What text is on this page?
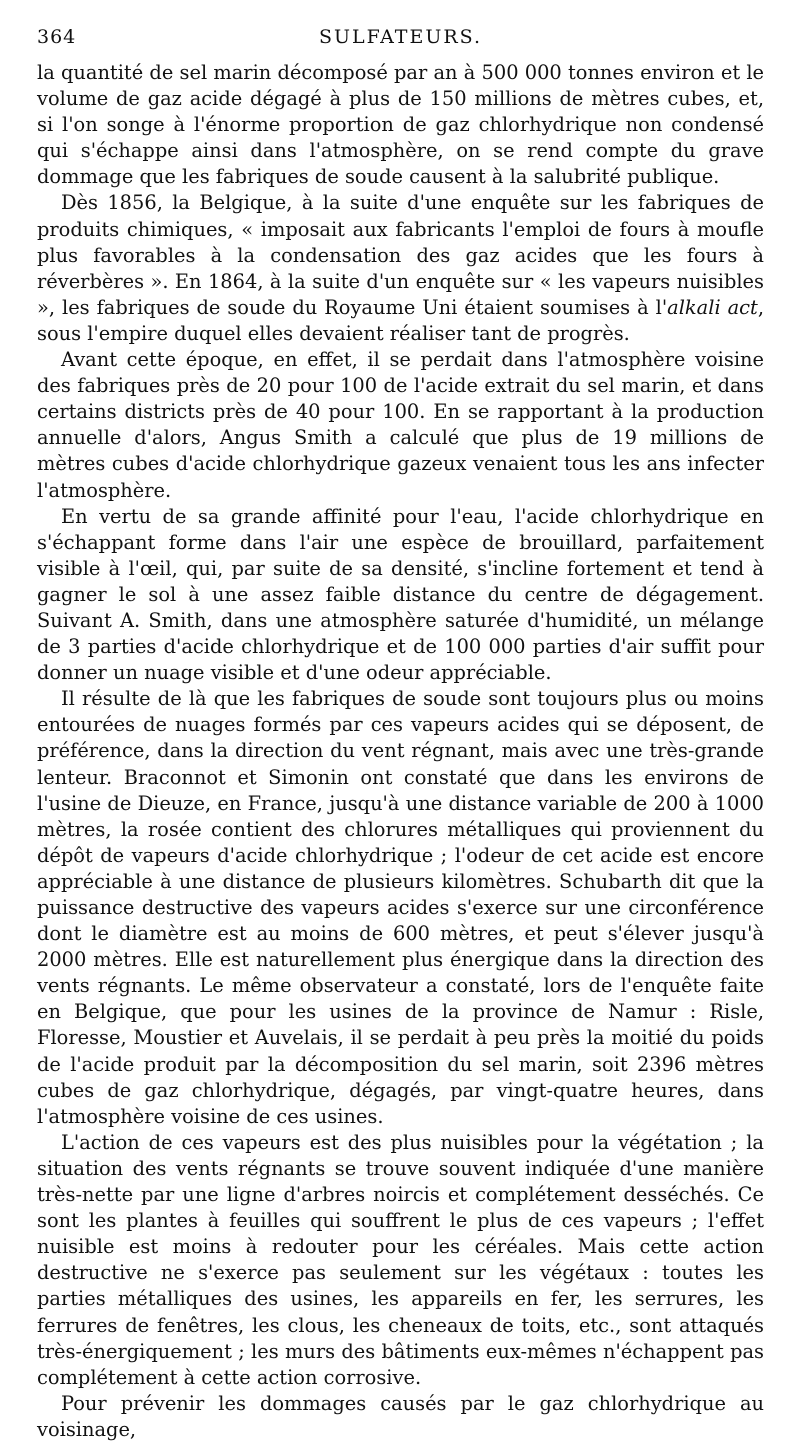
364	SULFATEURS.

la quantité de sel marin décomposé par an à 500 000 tonnes environ et le volume de gaz acide dégagé à plus de 150 millions de mètres cubes, et, si l'on songe à l'énorme proportion de gaz chlorhydrique non condensé qui s'échappe ainsi dans l'atmosphère, on se rend compte du grave dommage que les fabriques de soude causent à la salubrité publique.

Dès 1856, la Belgique, à la suite d'une enquête sur les fabriques de produits chimiques, « imposait aux fabricants l'emploi de fours à moufle plus favorables à la condensation des gaz acides que les fours à réverbères ». En 1864, à la suite d'un enquête sur « les vapeurs nuisibles », les fabriques de soude du Royaume Uni étaient soumises à l'alkali act, sous l'empire duquel elles devaient réaliser tant de progrès.

Avant cette époque, en effet, il se perdait dans l'atmosphère voisine des fabriques près de 20 pour 100 de l'acide extrait du sel marin, et dans certains districts près de 40 pour 100. En se rapportant à la production annuelle d'alors, Angus Smith a calculé que plus de 19 millions de mètres cubes d'acide chlorhydrique gazeux venaient tous les ans infecter l'atmosphère.

En vertu de sa grande affinité pour l'eau, l'acide chlorhydrique en s'échappant forme dans l'air une espèce de brouillard, parfaitement visible à l'œil, qui, par suite de sa densité, s'incline fortement et tend à gagner le sol à une assez faible distance du centre de dégagement. Suivant A. Smith, dans une atmosphère saturée d'humidité, un mélange de 3 parties d'acide chlorhydrique et de 100 000 parties d'air suffit pour donner un nuage visible et d'une odeur appréciable.

Il résulte de là que les fabriques de soude sont toujours plus ou moins entourées de nuages formés par ces vapeurs acides qui se déposent, de préférence, dans la direction du vent régnant, mais avec une très-grande lenteur. Braconnot et Simonin ont constaté que dans les environs de l'usine de Dieuze, en France, jusqu'à une distance variable de 200 à 1000 mètres, la rosée contient des chlorures métalliques qui proviennent du dépôt de vapeurs d'acide chlorhydrique ; l'odeur de cet acide est encore appréciable à une distance de plusieurs kilomètres. Schubarth dit que la puissance destructive des vapeurs acides s'exerce sur une circonférence dont le diamètre est au moins de 600 mètres, et peut s'élever jusqu'à 2000 mètres. Elle est naturellement plus énergique dans la direction des vents régnants. Le même observateur a constaté, lors de l'enquête faite en Belgique, que pour les usines de la province de Namur : Risle, Floresse, Moustier et Auvelais, il se perdait à peu près la moitié du poids de l'acide produit par la décomposition du sel marin, soit 2396 mètres cubes de gaz chlorhydrique, dégagés, par vingt-quatre heures, dans l'atmosphère voisine de ces usines.

L'action de ces vapeurs est des plus nuisibles pour la végétation ; la situation des vents régnants se trouve souvent indiquée d'une manière très-nette par une ligne d'arbres noircis et complétement desséchés. Ce sont les plantes à feuilles qui souffrent le plus de ces vapeurs ; l'effet nuisible est moins à redouter pour les céréales. Mais cette action destructive ne s'exerce pas seulement sur les végétaux : toutes les parties métalliques des usines, les appareils en fer, les serrures, les ferrures de fenêtres, les clous, les cheneaux de toits, etc., sont attaqués très-énergiquement ; les murs des bâtiments eux-mêmes n'échappent pas complétement à cette action corrosive.

Pour prévenir les dommages causés par le gaz chlorhydrique au voisinage,
